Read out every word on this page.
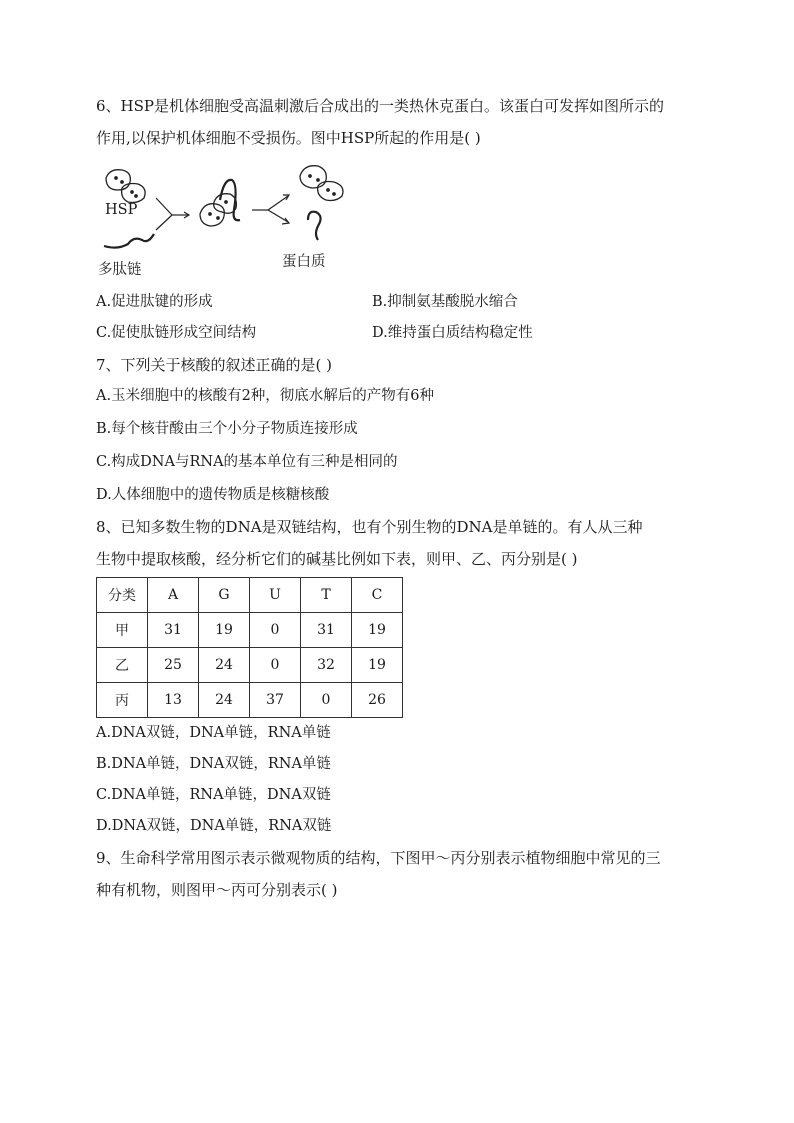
6、HSP是机体细胞受高温刺激后合成出的一类热休克蛋白。该蛋白可发挥如图所示的
作用,以保护机体细胞不受损伤。图中HSP所起的作用是( )
HSP
多肽链	蛋白质
A.促进肽键的形成	B.抑制氨基酸脱水缩合
C.促使肽链形成空间结构	D.维持蛋白质结构稳定性
7、下列关于核酸的叙述正确的是( )
A.玉米细胞中的核酸有2种，彻底水解后的产物有6种
B.每个核苷酸由三个小分子物质连接形成
C.构成DNA与RNA的基本单位有三种是相同的
D.人体细胞中的遗传物质是核糖核酸
8、已知多数生物的DNA是双链结构，也有个别生物的DNA是单链的。有人从三种
生物中提取核酸，经分析它们的碱基比例如下表，则甲、乙、丙分别是( )
分类	A	G	U	T	C
甲	31	19	0	31	19
乙	25	24	0	32	19
丙	13	24	37	0	26
A.DNA双链，DNA单链，RNA单链
B.DNA单链，DNA双链，RNA单链
C.DNA单链，RNA单链，DNA双链
D.DNA双链，DNA单链，RNA双链
9、生命科学常用图示表示微观物质的结构，下图甲～丙分别表示植物细胞中常见的三
种有机物，则图甲～丙可分别表示( )
